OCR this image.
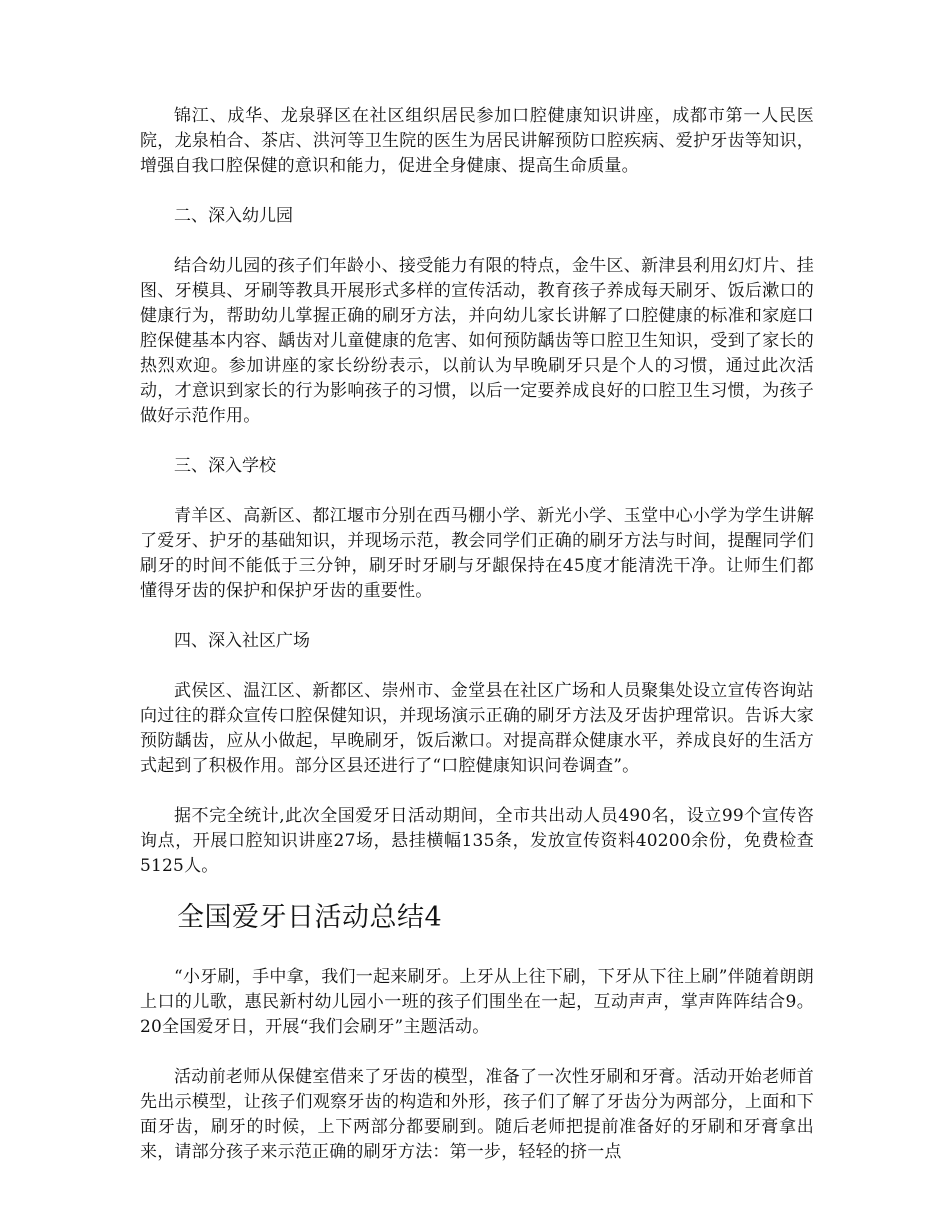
锦江、成华、龙泉驿区在社区组织居民参加口腔健康知识讲座，成都市第一人民医院，龙泉柏合、茶店、洪河等卫生院的医生为居民讲解预防口腔疾病、爱护牙齿等知识，增强自我口腔保健的意识和能力，促进全身健康、提高生命质量。

二、深入幼儿园

结合幼儿园的孩子们年龄小、接受能力有限的特点，金牛区、新津县利用幻灯片、挂图、牙模具、牙刷等教具开展形式多样的宣传活动，教育孩子养成每天刷牙、饭后漱口的健康行为，帮助幼儿掌握正确的刷牙方法，并向幼儿家长讲解了口腔健康的标准和家庭口腔保健基本内容、龋齿对儿童健康的危害、如何预防龋齿等口腔卫生知识，受到了家长的热烈欢迎。参加讲座的家长纷纷表示，以前认为早晚刷牙只是个人的习惯，通过此次活动，才意识到家长的行为影响孩子的习惯，以后一定要养成良好的口腔卫生习惯，为孩子做好示范作用。

三、深入学校

青羊区、高新区、都江堰市分别在西马棚小学、新光小学、玉堂中心小学为学生讲解了爱牙、护牙的基础知识，并现场示范，教会同学们正确的刷牙方法与时间，提醒同学们刷牙的时间不能低于三分钟，刷牙时牙刷与牙龈保持在45度才能清洗干净。让师生们都懂得牙齿的保护和保护牙齿的重要性。

四、深入社区广场

武侯区、温江区、新都区、崇州市、金堂县在社区广场和人员聚集处设立宣传咨询站向过往的群众宣传口腔保健知识，并现场演示正确的刷牙方法及牙齿护理常识。告诉大家预防龋齿，应从小做起，早晚刷牙，饭后漱口。对提高群众健康水平，养成良好的生活方式起到了积极作用。部分区县还进行了“口腔健康知识问卷调查”。

据不完全统计,此次全国爱牙日活动期间，全市共出动人员490名，设立99个宣传咨询点，开展口腔知识讲座27场，悬挂横幅135条，发放宣传资料40200余份，免费检查5125人。

全国爱牙日活动总结4

“小牙刷，手中拿，我们一起来刷牙。上牙从上往下刷，下牙从下往上刷”伴随着朗朗上口的儿歌，惠民新村幼儿园小一班的孩子们围坐在一起，互动声声，掌声阵阵结合9。20全国爱牙日，开展“我们会刷牙”主题活动。

活动前老师从保健室借来了牙齿的模型，准备了一次性牙刷和牙膏。活动开始老师首先出示模型，让孩子们观察牙齿的构造和外形，孩子们了解了牙齿分为两部分，上面和下面牙齿，刷牙的时候，上下两部分都要刷到。随后老师把提前准备好的牙刷和牙膏拿出来，请部分孩子来示范正确的刷牙方法：第一步，轻轻的挤一点
